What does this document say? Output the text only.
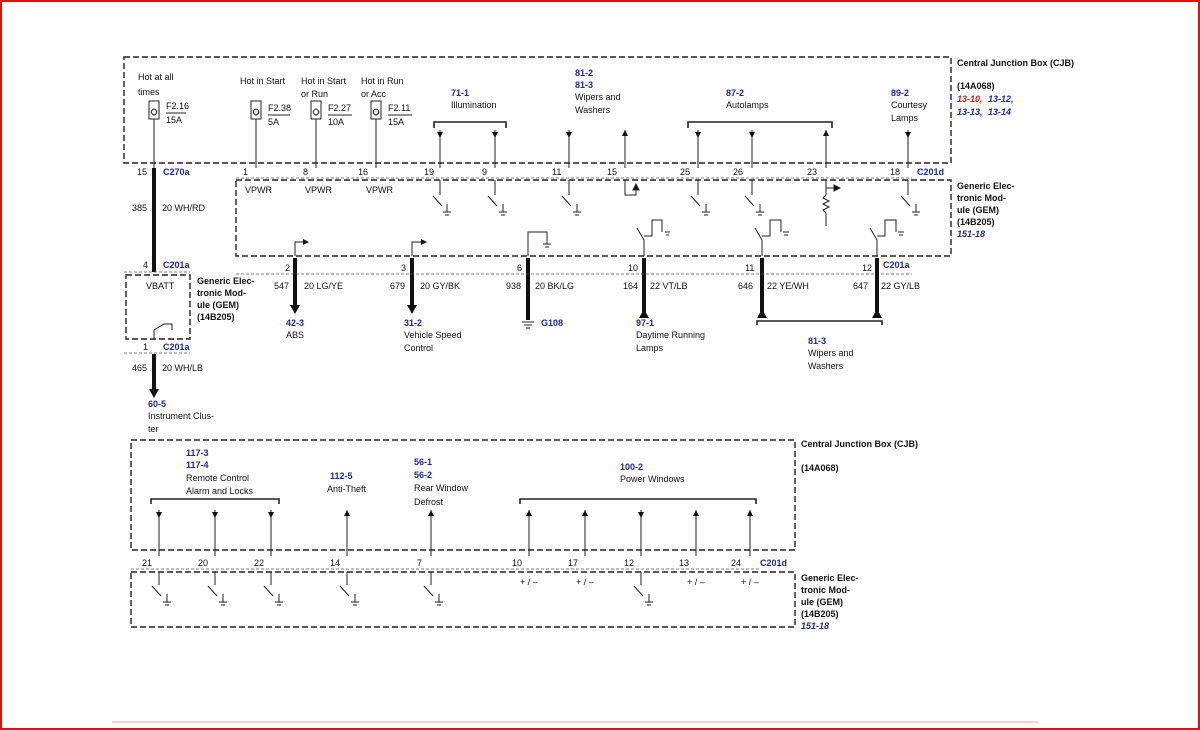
Central Junction Box (CJB)
(14A068)
13-10, 13-12,
13-13, 13-14
Hot at all
times
F2.16
15A
Hot in Start
F2.38
5A
Hot in Start
or Run
F2.27
10A
Hot in Run
or Acc
F2.11
15A
71-1
Illumination
81-2
81-3
Wipers and
Washers
87-2
Autolamps
89-2
Courtesy
Lamps
1	8	16	19	9	11	15	25	26	23	18 C201d
Generic Elec-
tronic Mod-
ule (GEM)
(14B205)
151-18
VPWR	VPWR	VPWR
15 C270a
385 20 WH/RD
4 C201a
VBATT	Generic Elec-
tronic Mod-
ule (GEM)
(14B205)
1 C201a
465 20 WH/LB
60-5
Instrument Clus-
ter
2
547 20 LG/YE
42-3
ABS
3
679 20 GY/BK
31-2
Vehicle Speed
Control
6
938 20 BK/LG
G108
10
164 22 VT/LB
97-1
Daytime Running
Lamps
11
646 22 YE/WH
12 C201a
647 22 GY/LB
81-3
Wipers and
Washers
Central Junction Box (CJB)
(14A068)
117-3
117-4
Remote Control
Alarm and Locks
112-5
Anti-Theft
56-1
56-2
Rear Window
Defrost
100-2
Power Windows
21	20	22	14	7	10	17	12	13	24 C201d
Generic Elec-
tronic Mod-
ule (GEM)
(14B205)
151-18
+ / –	+ / –	+ / –	+ / –
